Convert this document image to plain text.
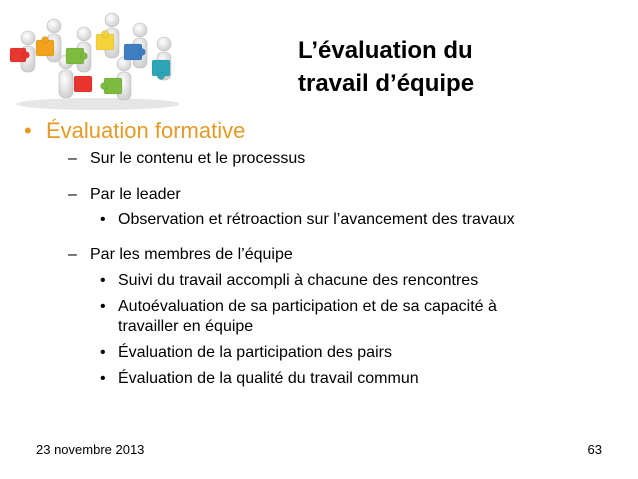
L’évaluation du
travail d’équipe
• Évaluation formative
– Sur le contenu et le processus
– Par le leader
• Observation et rétroaction sur l’avancement des travaux
– Par les membres de l’équipe
• Suivi du travail accompli à chacune des rencontres
• Autoévaluation de sa participation et de sa capacité à
travailler en équipe
• Évaluation de la participation des pairs
• Évaluation de la qualité du travail commun
23 novembre 2013	63
